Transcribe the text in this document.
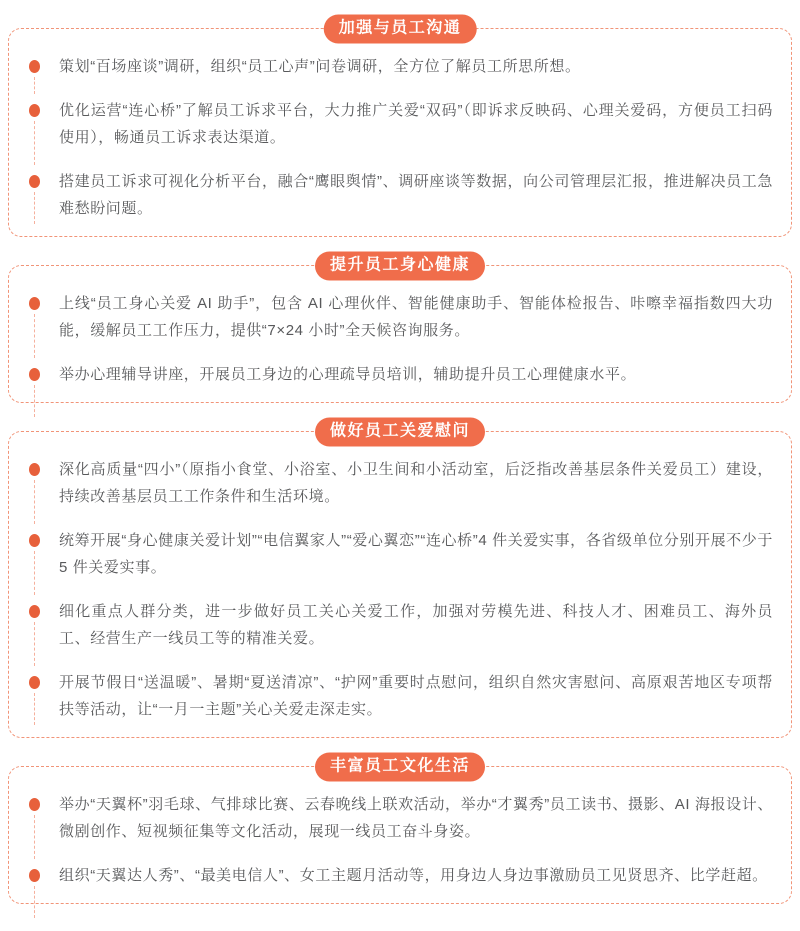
加强与员工沟通
策划“百场座谈”调研，组织“员工心声”问卷调研，全方位了解员工所思所想。
优化运营“连心桥”了解员工诉求平台，大力推广关爱“双码”（即诉求反映码、心理关爱码，方便员工扫码使用），畅通员工诉求表达渠道。
搭建员工诉求可视化分析平台，融合“鹰眼舆情”、调研座谈等数据，向公司管理层汇报，推进解决员工急难愁盼问题。
提升员工身心健康
上线“员工身心关爱 AI 助手”，包含 AI 心理伙伴、智能健康助手、智能体检报告、咔嚓幸福指数四大功能，缓解员工工作压力，提供“7×24 小时”全天候咨询服务。
举办心理辅导讲座，开展员工身边的心理疏导员培训，辅助提升员工心理健康水平。
做好员工关爱慰问
深化高质量“四小”（原指小食堂、小浴室、小卫生间和小活动室，后泛指改善基层条件关爱员工）建设，持续改善基层员工工作条件和生活环境。
统筹开展“身心健康关爱计划”“电信翼家人”“爱心翼恋”“连心桥”4 件关爱实事，各省级单位分别开展不少于 5 件关爱实事。
细化重点人群分类，进一步做好员工关心关爱工作，加强对劳模先进、科技人才、困难员工、海外员工、经营生产一线员工等的精准关爱。
开展节假日“送温暖”、暑期“夏送清凉”、“护网”重要时点慰问，组织自然灾害慰问、高原艰苦地区专项帮扶等活动，让“一月一主题”关心关爱走深走实。
丰富员工文化生活
举办“天翼杯”羽毛球、气排球比赛、云春晚线上联欢活动，举办“才翼秀”员工读书、摄影、AI 海报设计、微剧创作、短视频征集等文化活动，展现一线员工奋斗身姿。
组织“天翼达人秀”、“最美电信人”、女工主题月活动等，用身边人身边事激励员工见贤思齐、比学赶超。
